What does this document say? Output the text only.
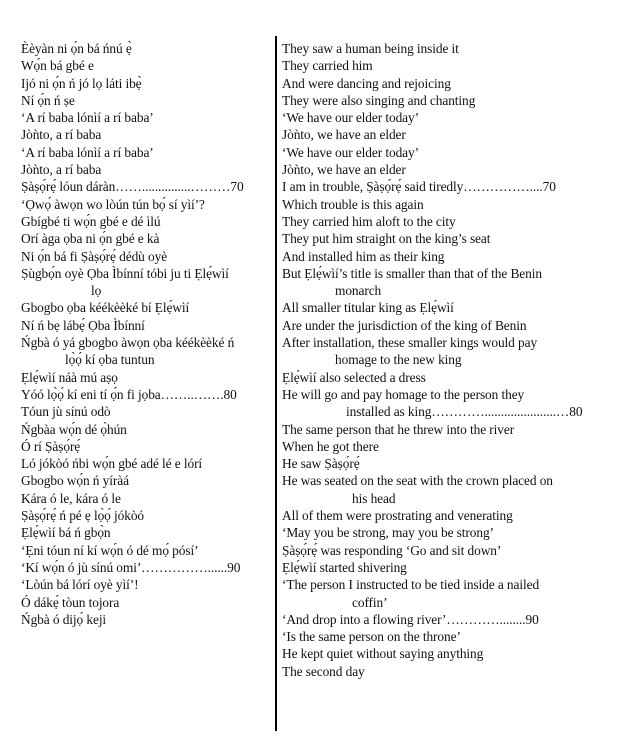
Èèyàn ni ọ́n bá ńnú ẹ̀
Wọ́n bá gbé e
Ijó ni ọ́n ń jó lọ láti ibẹ̀
Ní ọ́n ń ṣe
‘A rí baba lónìí a rí baba’
Jòǹto, a rí baba
‘A rí baba lónìí a rí baba’
Jòǹto, a rí baba
Ṣàṣọ́rẹ́ lóun dáràn……...............………70
‘Ọwọ́ àwọn wo lòún tún bọ́ sí yìí’?
Gbígbé ti wọ́n gbé e dé ìlú
Orí àga ọba ni ọ́n gbé e kà
Ni ọ́n bá fi Ṣàṣọ́rẹ́ dédù oyè
Ṣùgbọ́n oyè Ọba Ìbínní tóbi ju ti Ẹlẹ́wìí
lọ
Gbogbo ọba kéékèèké bí Ẹlẹ́wìí
Ní ń bẹ lábẹ́ Ọba Ìbínní
Ńgbà ó yá gbogbo àwọn ọba kéékèèké ń
lọ̀ọ́ kí ọba tuntun
Ẹlẹ́wìí náà mú aṣọ
Yóó lọ̀ọ́ kí eni tí ọ́n fi jọba……..…….80
Tóun jù sínú odò
Ńgbàa wọ́n dé ọ̀hún
Ó rí Ṣàṣọ́rẹ́
Ló jókòó ńbi wọ́n gbé adé lé e lórí
Gbogbo wọ́n ń yíràá
Kára ó le, kára ó le
Ṣàṣọ́rẹ́ ń pé ẹ lọ̀ọ́ jókòó
Ẹlẹ́wìí bá ń gbọ̀n
‘Ẹni tóun ní kí wọ́n ó dé mọ́ pósí’
‘Kí wọ́n ó jù sínú omi’……………......90
‘Lòún bá lórí oyè yìí’!
Ó dákẹ́ tòun tojora
Ńgbà ó dijọ́ keji
They saw a human being inside it
They carried him
And were dancing and rejoicing
They were also singing and chanting
‘We have our elder today’
Jòǹto, we have an elder
‘We have our elder today’
Jòǹto, we have an elder
I am in trouble, Ṣàṣọ́rẹ́ said tiredly……………....70
Which trouble is this again
They carried him aloft to the city
They put him straight on the king’s seat
And installed him as their king
But Ẹlẹ́wìí’s title is smaller than that of the Benin
monarch
All smaller titular king as Ẹlẹ́wìí
Are under the jurisdiction of the king of Benin
After installation, these smaller kings would pay
homage to the new king
Ẹlẹ́wìí also selected a dress
He will go and pay homage to the person they
installed as king…………......................…80
The same person that he threw into the river
When he got there
He saw Ṣàṣọ́rẹ́
He was seated on the seat with the crown placed on
his head
All of them were prostrating and venerating
‘May you be strong, may you be strong’
Ṣàṣọ́rẹ́ was responding ‘Go and sit down’
Ẹlẹ́wìí started shivering
‘The person I instructed to be tied inside a nailed
coffin’
‘And drop into a flowing river’…………........90
‘Is the same person on the throne’
He kept quiet without saying anything
The second day
